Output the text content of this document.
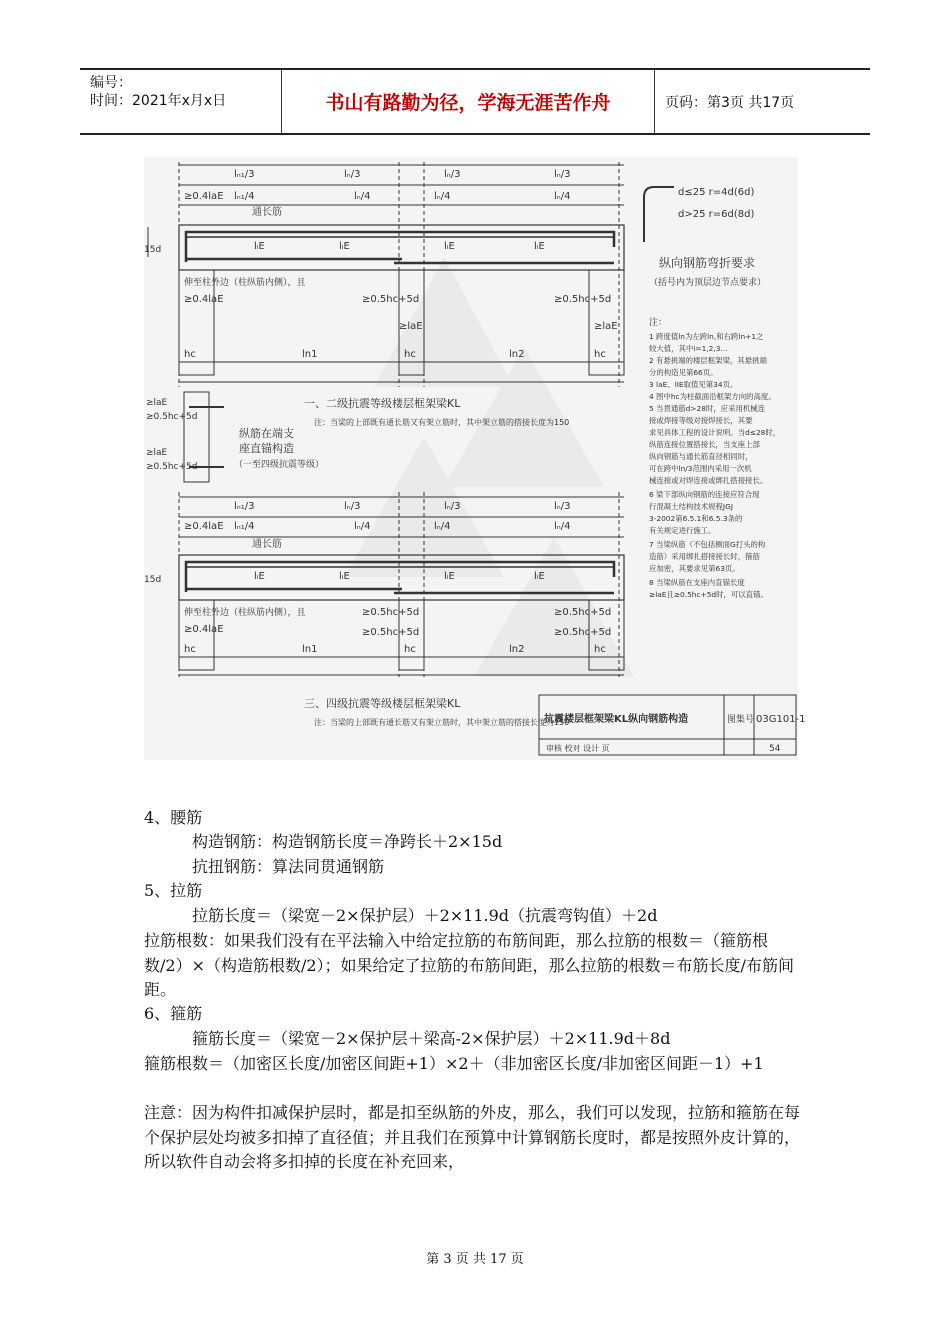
编号：
时间：2021年x月x日	书山有路勤为径，学海无涯苦作舟	页码：第3页 共17页
lₙ₁/3	lₙ/3	lₙ/3	lₙ/3
≥0.4laE lₙ₁/4	lₙ/4	lₙ/4	lₙ/4
通长筋
15d	lₗE	lₗE	lₗE	lₗE
伸至柱外边（柱纵筋内侧），且
≥0.4laE	≥0.5hc+5d	≥0.5hc+5d
≥laE	≥laE
hc	hc	hc
ln1	ln2
一、二级抗震等级楼层框架梁KL
注：当梁的上部既有通长筋又有架立筋时，其中架立筋的搭接长度为150
≥laE
≥0.5hc+5d
≥laE
≥0.5hc+5d
纵筋在端支
座直锚构造
（一至四级抗震等级）
d≤25 r=4d(6d)
d>25 r=6d(8d)
纵向钢筋弯折要求
（括号内为顶层边节点要求）
注：
1 跨度值ln为左跨ln,和右跨ln+1之
较大值，其中i=1,2,3...
2 有悬挑端的楼层框架梁，其悬挑端
分的构造见第66页。
3 laE、lIE取值见第34页。
4 图中hc为柱截面沿框架方向的高度。
5 当贯通筋d>28时，应采用机械连
接或焊接等级对接焊接长，其要
求见具体工程的设计说明。当d≤28时，
纵筋连接位置搭接长，当支座上部
纵向钢筋与通长筋直径相同时，
可在跨中ln/3范围内采用一次机
械连接或对焊连接或绑扎搭接接长。
6 梁下部纵向钢筋的连接应符合现
行混凝土结构技术规程JGJ
3-2002第6.5.1和6.5.3条的
有关规定进行施工。
7 当梁纵筋（不包括侧面G打头的构
造筋）采用绑扎搭接接长时，箍筋
应加密，其要求见第63页。
8 当梁纵筋在支座内直锚长度
≥laE且≥0.5hc+5d时，可以直锚。
lₙ₁/3	lₙ/3	lₙ/3	lₙ/3
≥0.4laE lₙ₁/4	lₙ/4	lₙ/4	lₙ/4
通长筋
15d	lₗE	lₗE	lₗE	lₗE
伸至柱外边（柱纵筋内侧），且
≥0.4laE
≥0.5hc+5d	≥0.5hc+5d
≥0.5hc+5d	≥0.5hc+5d
hc	hc	hc
ln1	ln2
三、四级抗震等级楼层框架梁KL
注：当梁的上部既有通长筋又有架立筋时，其中架立筋的搭接长度为150
抗震楼层框架梁KL纵向钢筋构造	图集号 03G101-1
审核 校对 设计 页	54
4、腰筋
构造钢筋：构造钢筋长度＝净跨长＋2×15d
抗扭钢筋：算法同贯通钢筋
5、拉筋
拉筋长度＝（梁宽－2×保护层）＋2×11.9d（抗震弯钩值）＋2d
拉筋根数：如果我们没有在平法输入中给定拉筋的布筋间距，那么拉筋的根数＝（箍筋根数/2）×（构造筋根数/2）；如果给定了拉筋的布筋间距，那么拉筋的根数＝布筋长度/布筋间距。
6、箍筋
箍筋长度＝（梁宽－2×保护层＋梁高-2×保护层）＋2×11.9d＋8d
箍筋根数＝（加密区长度/加密区间距+1）×2＋（非加密区长度/非加密区间距－1）+1
注意：因为构件扣减保护层时，都是扣至纵筋的外皮，那么，我们可以发现，拉筋和箍筋在每个保护层处均被多扣掉了直径值；并且我们在预算中计算钢筋长度时，都是按照外皮计算的，所以软件自动会将多扣掉的长度在补充回来，
第 3 页 共 17 页
